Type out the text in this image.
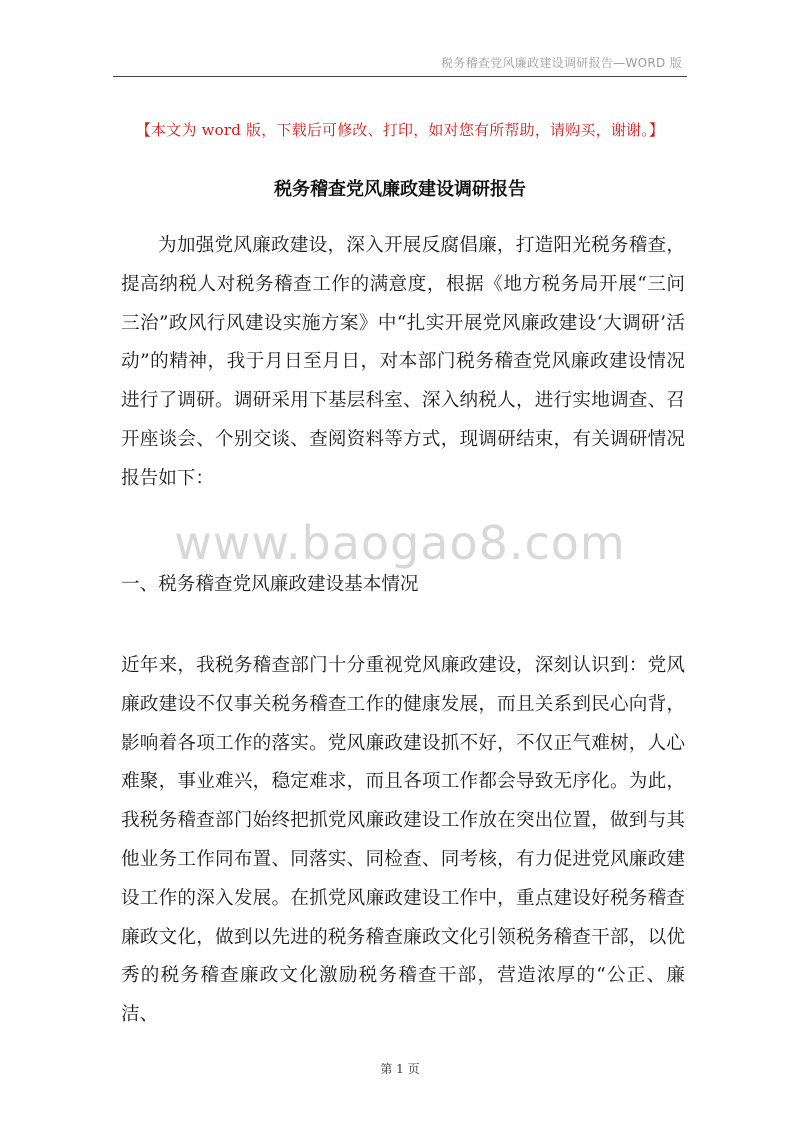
税务稽查党风廉政建设调研报告—WORD 版
【本文为 word 版，下载后可修改、打印，如对您有所帮助，请购买，谢谢。】
税务稽查党风廉政建设调研报告

为加强党风廉政建设，深入开展反腐倡廉，打造阳光税务稽查，提高纳税人对税务稽查工作的满意度，根据《地方税务局开展“三问三治”政风行风建设实施方案》中“扎实开展党风廉政建设‘大调研’活动”的精神，我于月日至月日，对本部门税务稽查党风廉政建设情况进行了调研。调研采用下基层科室、深入纳税人，进行实地调查、召开座谈会、个别交谈、查阅资料等方式，现调研结束，有关调研情况报告如下：

www.baogao8.com
一、税务稽查党风廉政建设基本情况

近年来，我税务稽查部门十分重视党风廉政建设，深刻认识到：党风廉政建设不仅事关税务稽查工作的健康发展，而且关系到民心向背，影响着各项工作的落实。党风廉政建设抓不好，不仅正气难树，人心难聚，事业难兴，稳定难求，而且各项工作都会导致无序化。为此，我税务稽查部门始终把抓党风廉政建设工作放在突出位置，做到与其他业务工作同布置、同落实、同检查、同考核，有力促进党风廉政建设工作的深入发展。在抓党风廉政建设工作中，重点建设好税务稽查廉政文化，做到以先进的税务稽查廉政文化引领税务稽查干部，以优秀的税务稽查廉政文化激励税务稽查干部，营造浓厚的“公正、廉洁、

第 1 页
